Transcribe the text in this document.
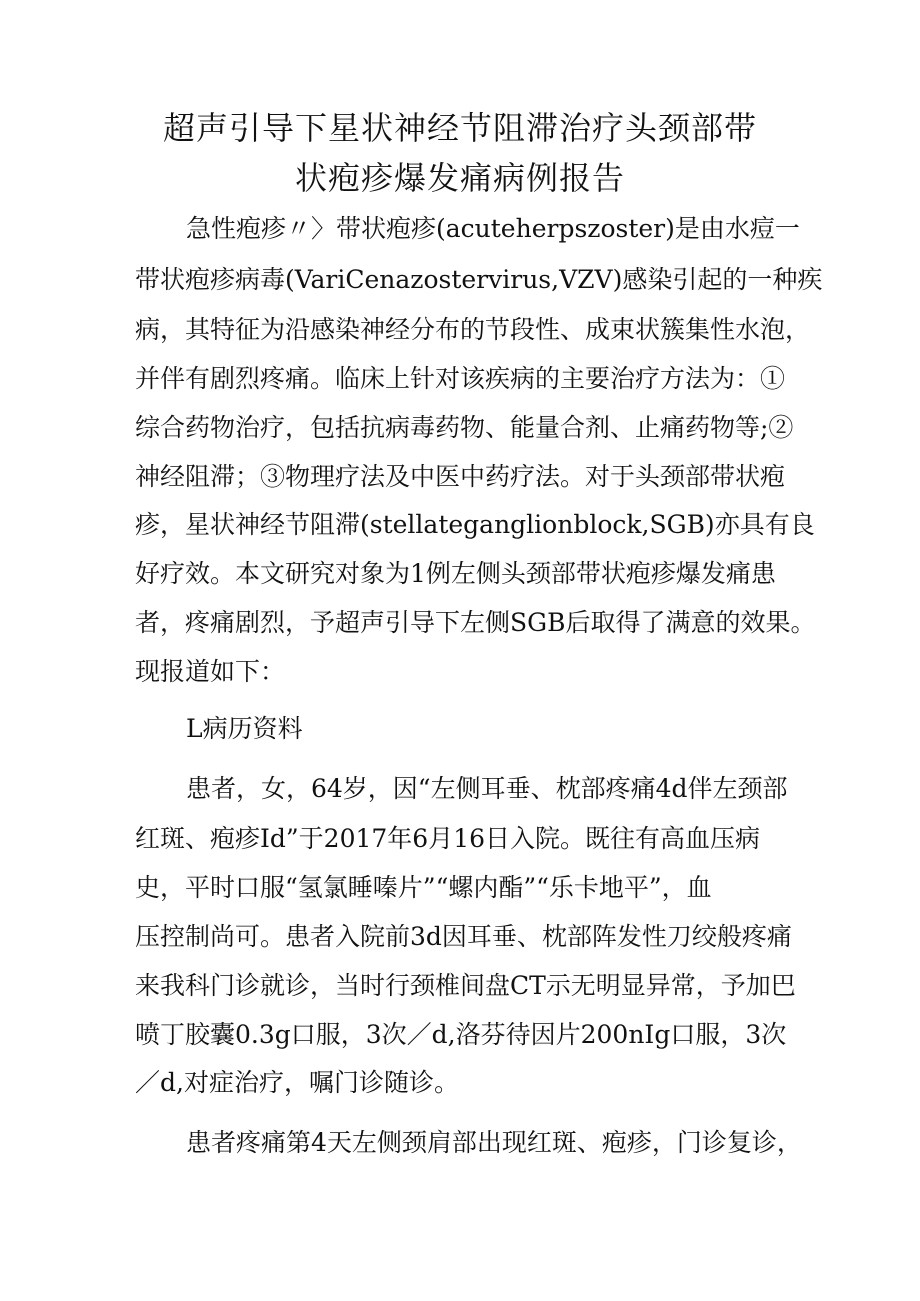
超声引导下星状神经节阻滞治疗头颈部带
状疱疹爆发痛病例报告
急性疱疹〃〉带状疱疹(acuteherpszoster)是由水痘一
带状疱疹病毒(VariCenazostervirus,VZV)感染引起的一种疾
病，其特征为沿感染神经分布的节段性、成束状簇集性水泡，
并伴有剧烈疼痛。临床上针对该疾病的主要治疗方法为：①
综合药物治疗，包括抗病毒药物、能量合剂、止痛药物等;②
神经阻滞；③物理疗法及中医中药疗法。对于头颈部带状疱
疹，星状神经节阻滞(stellateganglionblock,SGB)亦具有良
好疗效。本文研究对象为1例左侧头颈部带状疱疹爆发痛患
者，疼痛剧烈，予超声引导下左侧SGB后取得了满意的效果。
现报道如下：
L病历资料
患者，女，64岁，因“左侧耳垂、枕部疼痛4d伴左颈部
红斑、疱疹Id”于2017年6月16日入院。既往有高血压病
史，平时口服“氢氯睡嗪片”“螺内酯”“乐卡地平”，血
压控制尚可。患者入院前3d因耳垂、枕部阵发性刀绞般疼痛
来我科门诊就诊，当时行颈椎间盘CT示无明显异常，予加巴
喷丁胶囊0.3g口服，3次／d,洛芬待因片200nIg口服，3次
／d,对症治疗，嘱门诊随诊。
患者疼痛第4天左侧颈肩部出现红斑、疱疹，门诊复诊，
